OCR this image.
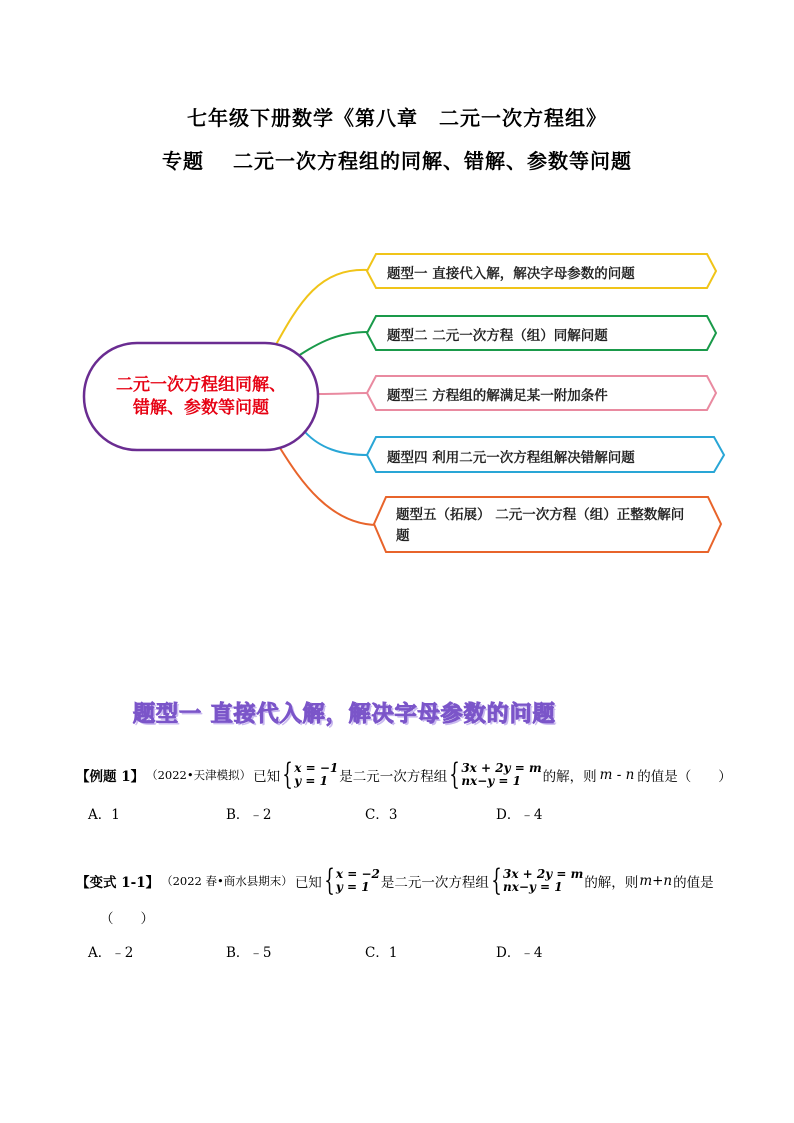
七年级下册数学《第八章　二元一次方程组》
专题　 二元一次方程组的同解、错解、参数等问题
二元一次方程组同解、错解、参数等问题
题型一 直接代入解，解决字母参数的问题
题型二 二元一次方程（组）同解问题
题型三 方程组的解满足某一附加条件
题型四 利用二元一次方程组解决错解问题
题型五（拓展） 二元一次方程（组）正整数解问题
题型一 直接代入解，解决字母参数的问题
【例题 1】 （2022•天津模拟） 已知 { x = −1
y = 1 是二元一次方程组 { 3x + 2y = m
nx−y = 1	的解，则 m - n 的值是（　　）
A．1	B．﹣2	C．3	D．﹣4
【变式 1-1】 （2022 春•商水县期末） 已知 { x = −2
y = 1 是二元一次方程组 { 3x + 2y = m
nx−y = 1	的解，则 m+n 的值是
（　　）
A．﹣2	B．﹣5	C．1	D．﹣4
